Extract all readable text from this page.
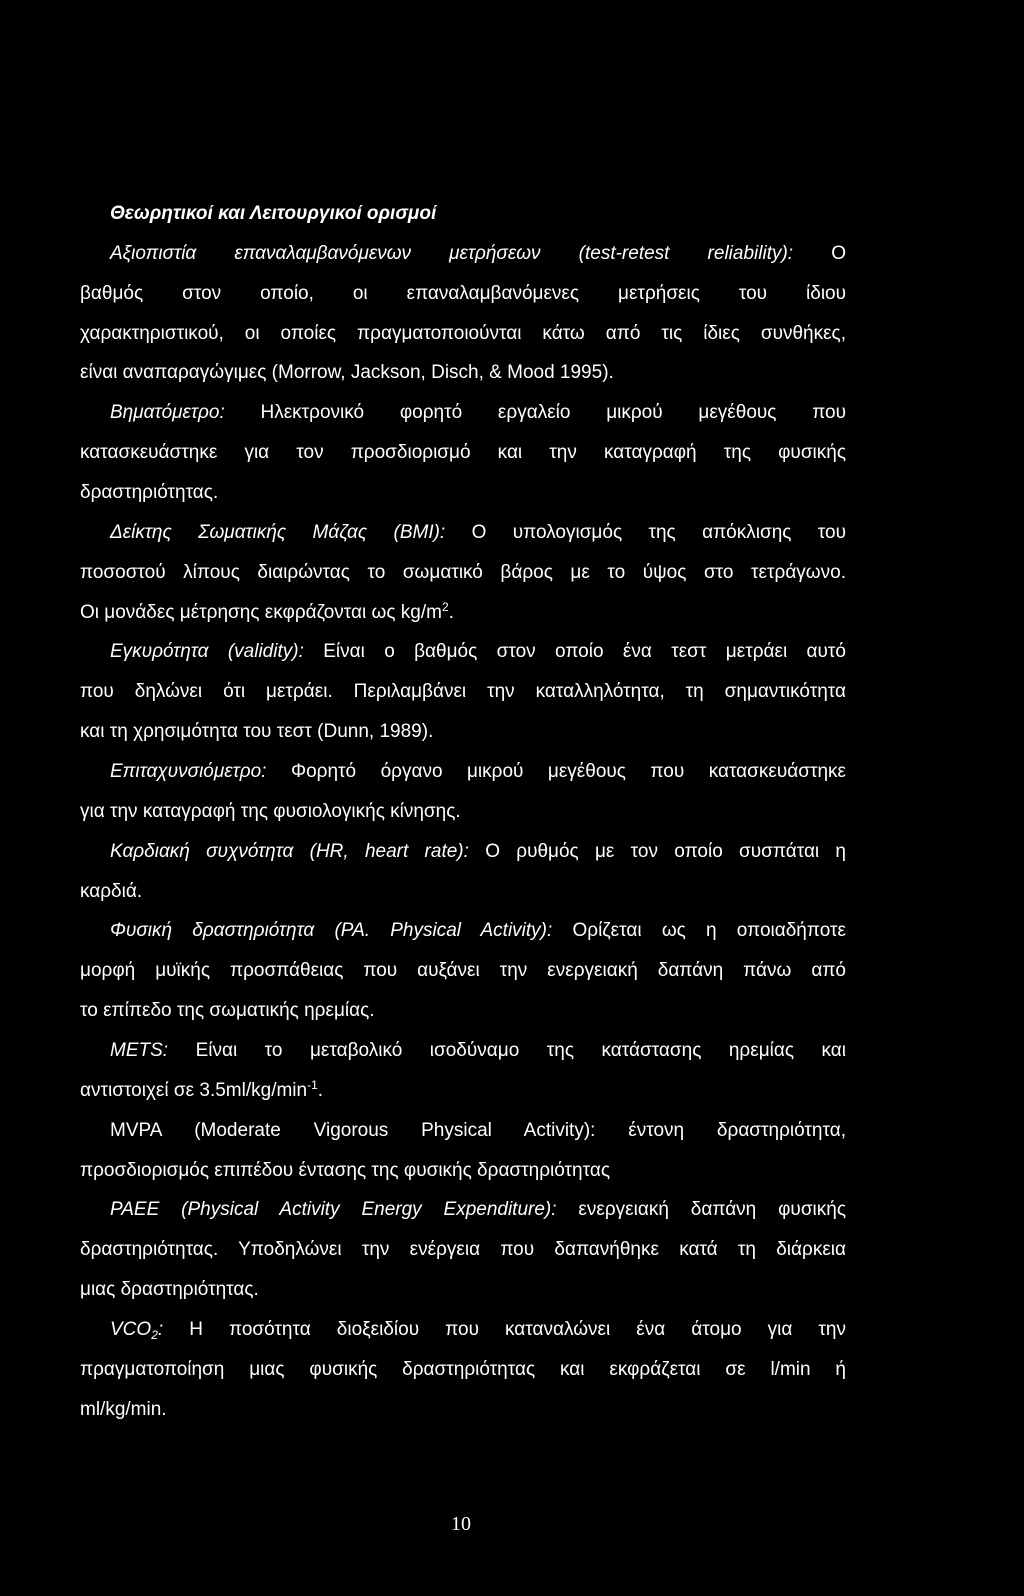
Θεωρητικοί και Λειτουργικοί ορισμοί
Αξιοπιστία επαναλαμβανόμενων μετρήσεων (test-retest reliability): Ο
βαθμός στον οποίο, οι επαναλαμβανόμενες μετρήσεις του ίδιου
χαρακτηριστικού, οι οποίες πραγματοποιούνται κάτω από τις ίδιες συνθήκες,
είναι αναπαραγώγιμες (Morrow, Jackson, Disch, & Mood 1995).
Βηματόμετρο: Ηλεκτρονικό φορητό εργαλείο μικρού μεγέθους που
κατασκευάστηκε για τον προσδιορισμό και την καταγραφή της φυσικής
δραστηριότητας.
Δείκτης Σωματικής Μάζας (BMI): Ο υπολογισμός της απόκλισης του
ποσοστού λίπους διαιρώντας το σωματικό βάρος με το ύψος στο τετράγωνο.
Οι μονάδες μέτρησης εκφράζονται ως $kg/m^2$.
Εγκυρότητα (validity): Είναι ο βαθμός στον οποίο ένα τεστ μετράει αυτό
που δηλώνει ότι μετράει. Περιλαμβάνει την καταλληλότητα, τη σημαντικότητα
και τη χρησιμότητα του τεστ (Dunn, 1989).
Επιταχυνσιόμετρο: Φορητό όργανο μικρού μεγέθους που κατασκευάστηκε
για την καταγραφή της φυσιολογικής κίνησης.
Καρδιακή συχνότητα (HR, heart rate): Ο ρυθμός με τον οποίο συσπάται η
καρδιά.
Φυσική δραστηριότητα (PA. Physical Activity): Ορίζεται ως η οποιαδήποτε
μορφή μυϊκής προσπάθειας που αυξάνει την ενεργειακή δαπάνη πάνω από
το επίπεδο της σωματικής ηρεμίας.
METS: Είναι το μεταβολικό ισοδύναμο της κατάστασης ηρεμίας και
αντιστοιχεί σε $3.5ml/kg/\min^{-1}$.
MVPA (Moderate Vigorous Physical Activity): έντονη δραστηριότητα,
προσδιορισμός επιπέδου έντασης της φυσικής δραστηριότητας
PAEE (Physical Activity Energy Expenditure): ενεργειακή δαπάνη φυσικής
δραστηριότητας. Υποδηλώνει την ενέργεια που δαπανήθηκε κατά τη διάρκεια
μιας δραστηριότητας.
$VCO_2$: Η ποσότητα διοξειδίου που καταναλώνει ένα άτομο για την
πραγματοποίηση μιας φυσικής δραστηριότητας και εκφράζεται σε l/min ή
ml/kg/min.
10
